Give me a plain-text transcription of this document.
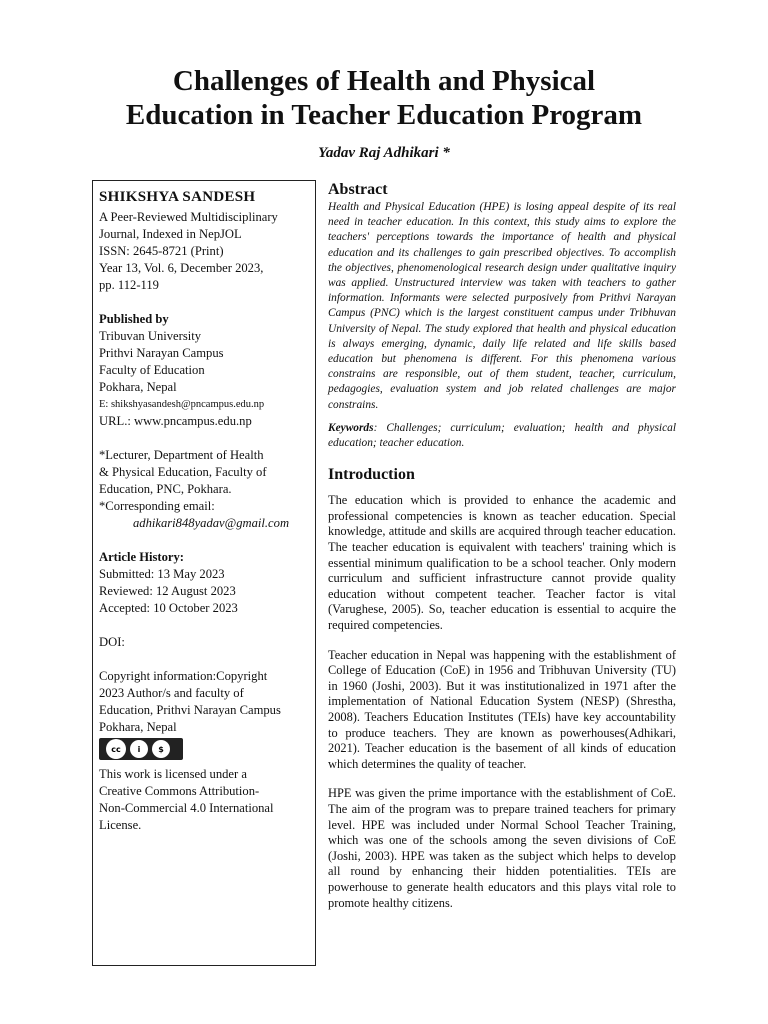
Challenges of Health and Physical
Education in Teacher Education Program

Yadav Raj Adhikari *

SHIKSHYA SANDESH
A Peer-Reviewed Multidisciplinary
Journal, Indexed in NepJOL
ISSN: 2645-8721 (Print)
Year 13, Vol. 6, December 2023,
pp. 112-119
Published by
Tribuvan University
Prithvi Narayan Campus
Faculty of Education
Pokhara, Nepal
E: shikshyasandesh@pncampus.edu.np
URL.: www.pncampus.edu.np
*Lecturer, Department of Health
& Physical Education, Faculty of
Education, PNC, Pokhara.
*Corresponding email:
adhikari848yadav@gmail.com
Article History:
Submitted: 13 May 2023
Reviewed: 12 August 2023
Accepted: 10 October 2023
DOI:
Copyright information:Copyright
2023 Author/s and faculty of
Education, Prithvi Narayan Campus
Pokhara, Nepal
cc	i	$
This work is licensed under a
Creative Commons Attribution-
Non-Commercial 4.0 International
License.
Abstract

Health and Physical Education (HPE) is losing appeal despite of its real need in teacher education. In this context, this study aims to explore the teachers' perceptions towards the importance of health and physical education and its challenges to gain prescribed objectives. To accomplish the objectives, phenomenological research design under qualitative inquiry was applied. Unstructured interview was taken with teachers to gather information. Informants were selected purposively from Prithvi Narayan Campus (PNC) which is the largest constituent campus under Tribhuvan University of Nepal. The study explored that health and physical education is always emerging, dynamic, daily life related and life skills based education but phenomena is different. For this phenomena various constrains are responsible, out of them student, teacher, curriculum, pedagogies, evaluation system and job related challenges are major constrains.

Keywords: Challenges; curriculum; evaluation; health and physical education; teacher education.

Introduction

The education which is provided to enhance the academic and professional competencies is known as teacher education. Special knowledge, attitude and skills are acquired through teacher education. The teacher education is equivalent with teachers' training which is essential minimum qualification to be a school teacher. Only modern curriculum and sufficient infrastructure cannot provide quality education without competent teacher. Teacher factor is vital (Varughese, 2005). So, teacher education is essential to acquire the required competencies.

Teacher education in Nepal was happening with the establishment of College of Education (CoE) in 1956 and Tribhuvan University (TU) in 1960 (Joshi, 2003). But it was institutionalized in 1971 after the implementation of National Education System (NESP) (Shrestha, 2008). Teachers Education Institutes (TEIs) have key accountability to produce teachers. They are known as powerhouses(Adhikari, 2021). Teacher education is the basement of all kinds of education which determines the quality of teacher.

HPE was given the prime importance with the establishment of CoE. The aim of the program was to prepare trained teachers for primary level. HPE was included under Normal School Teacher Training, which was one of the schools among the seven divisions of CoE (Joshi, 2003). HPE was taken as the subject which helps to develop all round by enhancing their hidden potentialities. TEIs are powerhouse to generate health educators and this plays vital role to promote healthy citizens.
